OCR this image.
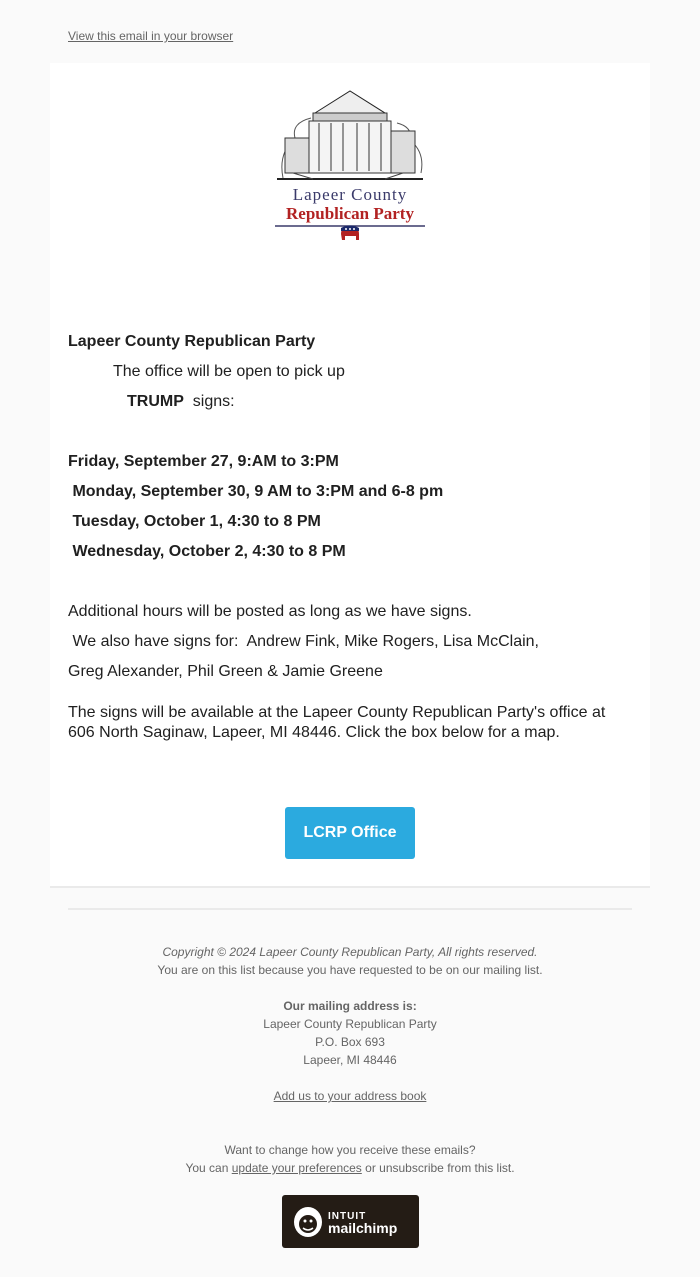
View this email in your browser
Lapeer County
Republican Party
Lapeer County Republican Party
The office will be open to pick up
TRUMP signs:
Friday, September 27, 9:AM to 3:PM
Monday, September 30, 9 AM to 3:PM and 6-8 pm
Tuesday, October 1, 4:30 to 8 PM
Wednesday, October 2, 4:30 to 8 PM
Additional hours will be posted as long as we have signs.
We also have signs for:  Andrew Fink, Mike Rogers, Lisa McClain,
Greg Alexander, Phil Green & Jamie Greene
The signs will be available at the Lapeer County Republican Party's office at 606 North Saginaw, Lapeer, MI 48446. Click the box below for a map.
LCRP Office
Copyright © 2024 Lapeer County Republican Party, All rights reserved.
You are on this list because you have requested to be on our mailing list.
Our mailing address is:
Lapeer County Republican Party
P.O. Box 693
Lapeer, MI 48446
Add us to your address book
Want to change how you receive these emails?
You can update your preferences or unsubscribe from this list.
INTUIT
mailchimp
